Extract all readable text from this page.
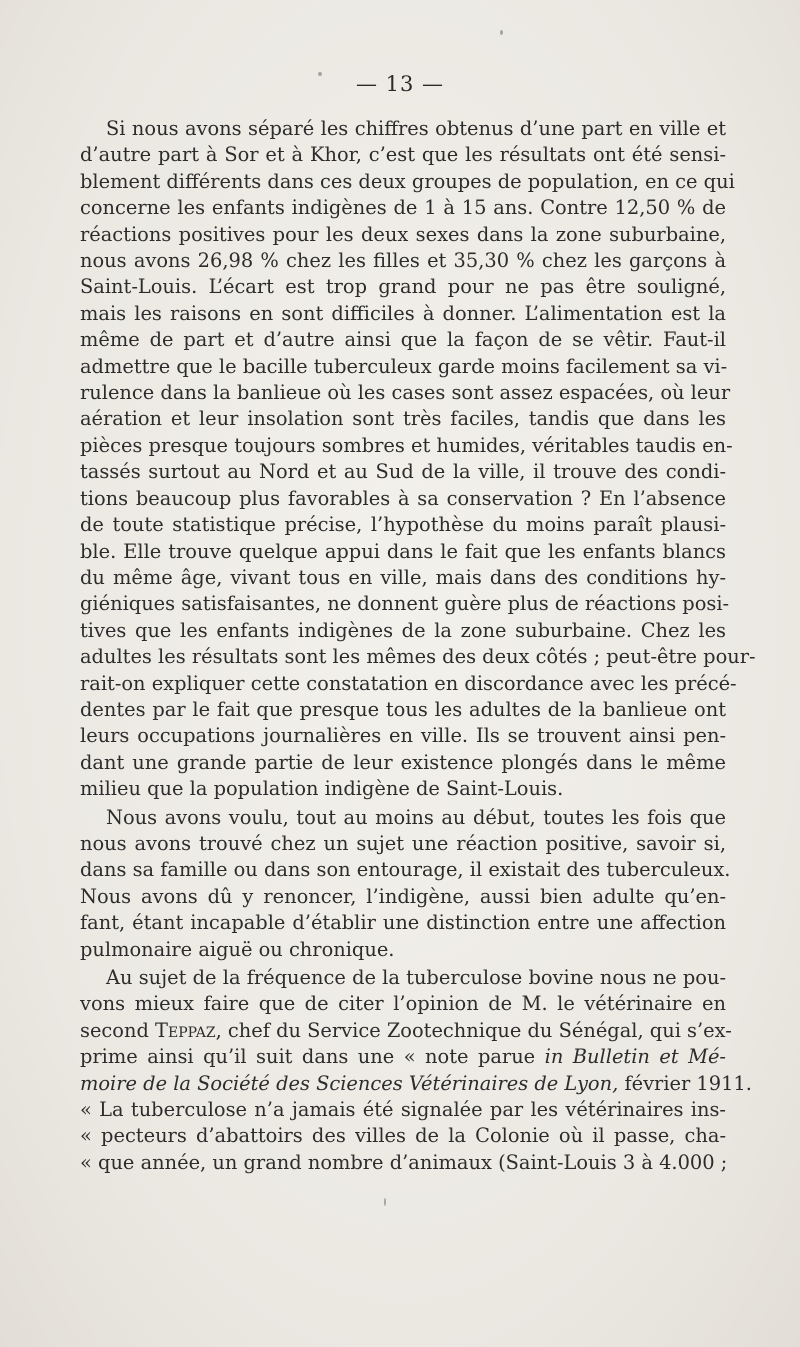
— 13 —
Si nous avons séparé les chiffres obtenus d’une part en ville et
d’autre part à Sor et à Khor, c’est que les résultats ont été sensi-
blement différents dans ces deux groupes de population, en ce qui
concerne les enfants indigènes de 1 à 15 ans. Contre 12,50 % de
réactions positives pour les deux sexes dans la zone suburbaine,
nous avons 26,98 % chez les filles et 35,30 % chez les garçons à
Saint-Louis. L’écart est trop grand pour ne pas être souligné,
mais les raisons en sont difficiles à donner. L’alimentation est la
même de part et d’autre ainsi que la façon de se vêtir. Faut-il
admettre que le bacille tuberculeux garde moins facilement sa vi-
rulence dans la banlieue où les cases sont assez espacées, où leur
aération et leur insolation sont très faciles, tandis que dans les
pièces presque toujours sombres et humides, véritables taudis en-
tassés surtout au Nord et au Sud de la ville, il trouve des condi-
tions beaucoup plus favorables à sa conservation ? En l’absence
de toute statistique précise, l’hypothèse du moins paraît plausi-
ble. Elle trouve quelque appui dans le fait que les enfants blancs
du même âge, vivant tous en ville, mais dans des conditions hy-
giéniques satisfaisantes, ne donnent guère plus de réactions posi-
tives que les enfants indigènes de la zone suburbaine. Chez les
adultes les résultats sont les mêmes des deux côtés ; peut-être pour-
rait-on expliquer cette constatation en discordance avec les précé-
dentes par le fait que presque tous les adultes de la banlieue ont
leurs occupations journalières en ville. Ils se trouvent ainsi pen-
dant une grande partie de leur existence plongés dans le même
milieu que la population indigène de Saint-Louis.
Nous avons voulu, tout au moins au début, toutes les fois que
nous avons trouvé chez un sujet une réaction positive, savoir si,
dans sa famille ou dans son entourage, il existait des tuberculeux.
Nous avons dû y renoncer, l’indigène, aussi bien adulte qu’en-
fant, étant incapable d’établir une distinction entre une affection
pulmonaire aiguë ou chronique.
Au sujet de la fréquence de la tuberculose bovine nous ne pou-
vons mieux faire que de citer l’opinion de M. le vétérinaire en
second Teppaz, chef du Service Zootechnique du Sénégal, qui s’ex-
prime ainsi qu’il suit dans une « note parue in Bulletin et Mé-
moire de la Société des Sciences Vétérinaires de Lyon, février 1911.
« La tuberculose n’a jamais été signalée par les vétérinaires ins-
« pecteurs d’abattoirs des villes de la Colonie où il passe, cha-
« que année, un grand nombre d’animaux (Saint-Louis 3 à 4.000 ;
